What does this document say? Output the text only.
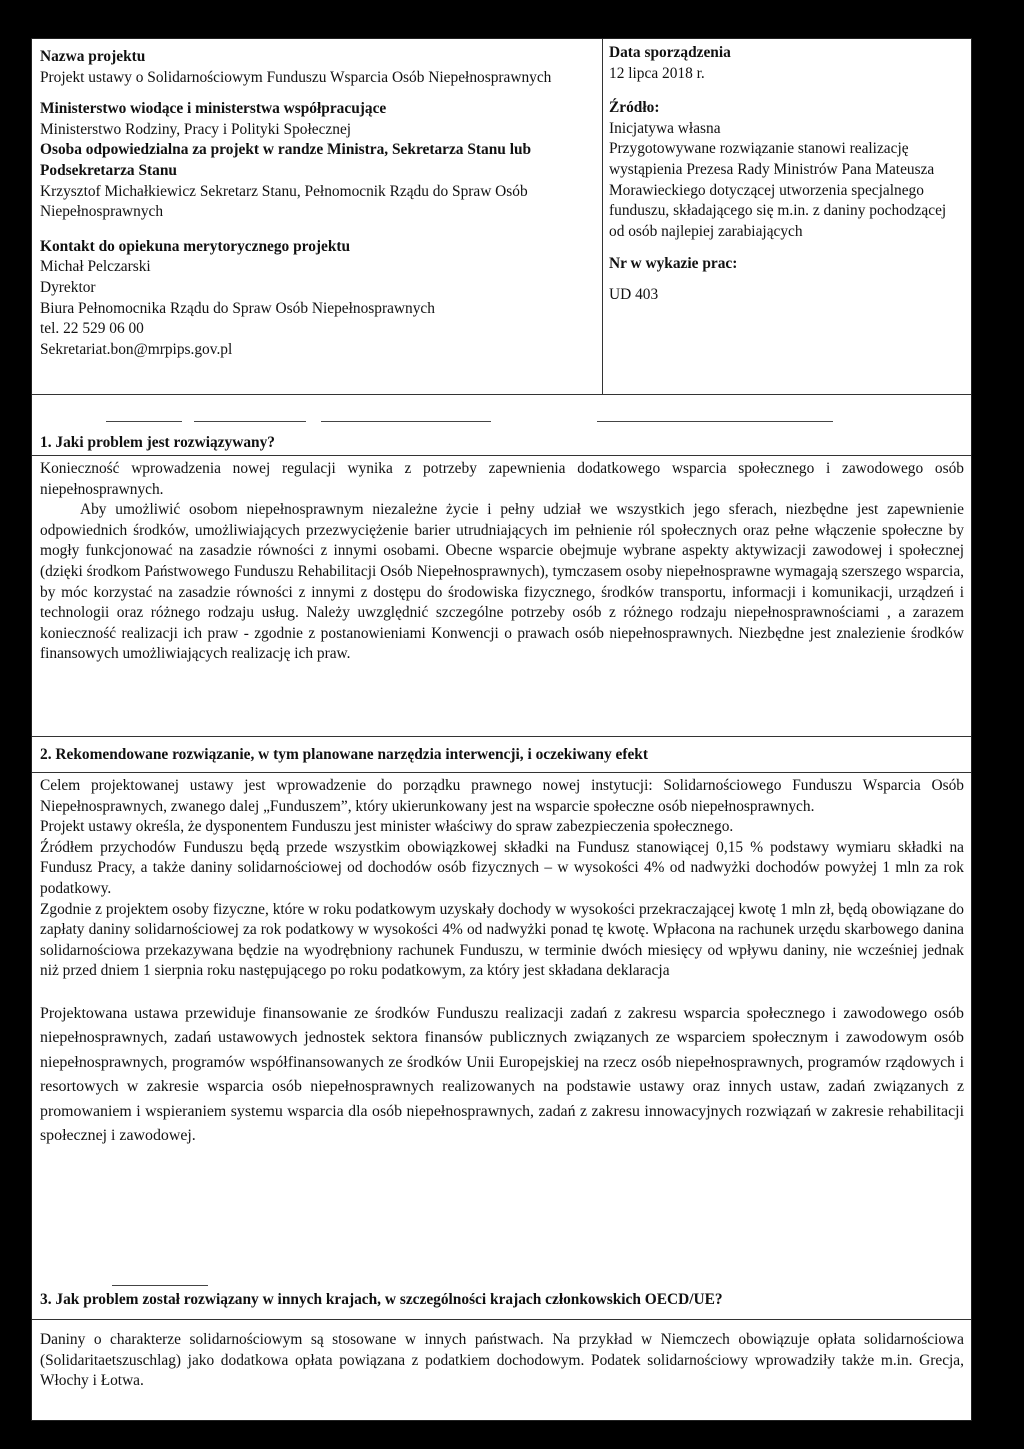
Nazwa projektu

Projekt ustawy o Solidarnościowym Funduszu Wsparcia Osób Niepełnosprawnych

Ministerstwo wiodące i ministerstwa współpracujące

Ministerstwo Rodziny, Pracy i Polityki Społecznej

Osoba odpowiedzialna za projekt w randze Ministra, Sekretarza Stanu lub Podsekretarza Stanu

Krzysztof Michałkiewicz Sekretarz Stanu, Pełnomocnik Rządu do Spraw Osób Niepełnosprawnych

Kontakt do opiekuna merytorycznego projektu

Michał Pelczarski

Dyrektor

Biura Pełnomocnika Rządu do Spraw Osób Niepełnosprawnych

tel. 22 529 06 00

Sekretariat.bon@mrpips.gov.pl

Data sporządzenia

12 lipca 2018 r.

Źródło:

Inicjatywa własna

Przygotowywane rozwiązanie stanowi realizację wystąpienia Prezesa Rady Ministrów Pana Mateusza Morawieckiego dotyczącej utworzenia specjalnego funduszu, składającego się m.in. z daniny pochodzącej od osób najlepiej zarabiających

Nr w wykazie prac:

UD 403

1. Jaki problem jest rozwiązywany?

Konieczność wprowadzenia nowej regulacji wynika z potrzeby zapewnienia dodatkowego wsparcia społecznego i zawodowego osób niepełnosprawnych.

Aby umożliwić osobom niepełnosprawnym niezależne życie i pełny udział we wszystkich jego sferach, niezbędne jest zapewnienie odpowiednich środków, umożliwiających przezwyciężenie barier utrudniających im pełnienie ról społecznych oraz pełne włączenie społeczne by mogły funkcjonować na zasadzie równości z innymi osobami. Obecne wsparcie obejmuje wybrane aspekty aktywizacji zawodowej i społecznej (dzięki środkom Państwowego Funduszu Rehabilitacji Osób Niepełnosprawnych), tymczasem osoby niepełnosprawne wymagają szerszego wsparcia, by móc korzystać na zasadzie równości z innymi z dostępu do środowiska fizycznego, środków transportu, informacji i komunikacji, urządzeń i technologii oraz różnego rodzaju usług. Należy uwzględnić szczególne potrzeby osób z różnego rodzaju niepełnosprawnościami , a zarazem konieczność realizacji ich praw - zgodnie z postanowieniami Konwencji o prawach osób niepełnosprawnych. Niezbędne jest znalezienie środków finansowych umożliwiających realizację ich praw.

2. Rekomendowane rozwiązanie, w tym planowane narzędzia interwencji, i oczekiwany efekt

Celem projektowanej ustawy jest wprowadzenie do porządku prawnego nowej instytucji: Solidarnościowego Funduszu Wsparcia Osób Niepełnosprawnych, zwanego dalej „Funduszem”, który ukierunkowany jest na wsparcie społeczne osób niepełnosprawnych.

Projekt ustawy określa, że dysponentem Funduszu jest minister właściwy do spraw zabezpieczenia społecznego.

Źródłem przychodów Funduszu będą przede wszystkim obowiązkowej składki na Fundusz stanowiącej 0,15 % podstawy wymiaru składki na Fundusz Pracy, a także daniny solidarnościowej od dochodów osób fizycznych – w wysokości 4% od nadwyżki dochodów powyżej 1 mln za rok podatkowy.

Zgodnie z projektem osoby fizyczne, które w roku podatkowym uzyskały dochody w wysokości przekraczającej kwotę 1 mln zł, będą obowiązane do zapłaty daniny solidarnościowej za rok podatkowy w wysokości 4% od nadwyżki ponad tę kwotę. Wpłacona na rachunek urzędu skarbowego danina solidarnościowa przekazywana będzie na wyodrębniony rachunek Funduszu, w terminie dwóch miesięcy od wpływu daniny, nie wcześniej jednak niż przed dniem 1 sierpnia roku następującego po roku podatkowym, za który jest składana deklaracja

Projektowana ustawa przewiduje finansowanie ze środków Funduszu realizacji zadań z zakresu wsparcia społecznego i zawodowego osób niepełnosprawnych, zadań ustawowych jednostek sektora finansów publicznych związanych ze wsparciem społecznym i zawodowym osób niepełnosprawnych, programów współfinansowanych ze środków Unii Europejskiej na rzecz osób niepełnosprawnych, programów rządowych i resortowych w zakresie wsparcia osób niepełnosprawnych realizowanych na podstawie ustawy oraz innych ustaw, zadań związanych z promowaniem i wspieraniem systemu wsparcia dla osób niepełnosprawnych, zadań z zakresu innowacyjnych rozwiązań w zakresie rehabilitacji społecznej i zawodowej.

3. Jak problem został rozwiązany w innych krajach, w szczególności krajach członkowskich OECD/UE?

Daniny o charakterze solidarnościowym są stosowane w innych państwach. Na przykład w Niemczech obowiązuje opłata solidarnościowa (Solidaritaetszuschlag) jako dodatkowa opłata powiązana z podatkiem dochodowym. Podatek solidarnościowy wprowadziły także m.in. Grecja, Włochy i Łotwa.
